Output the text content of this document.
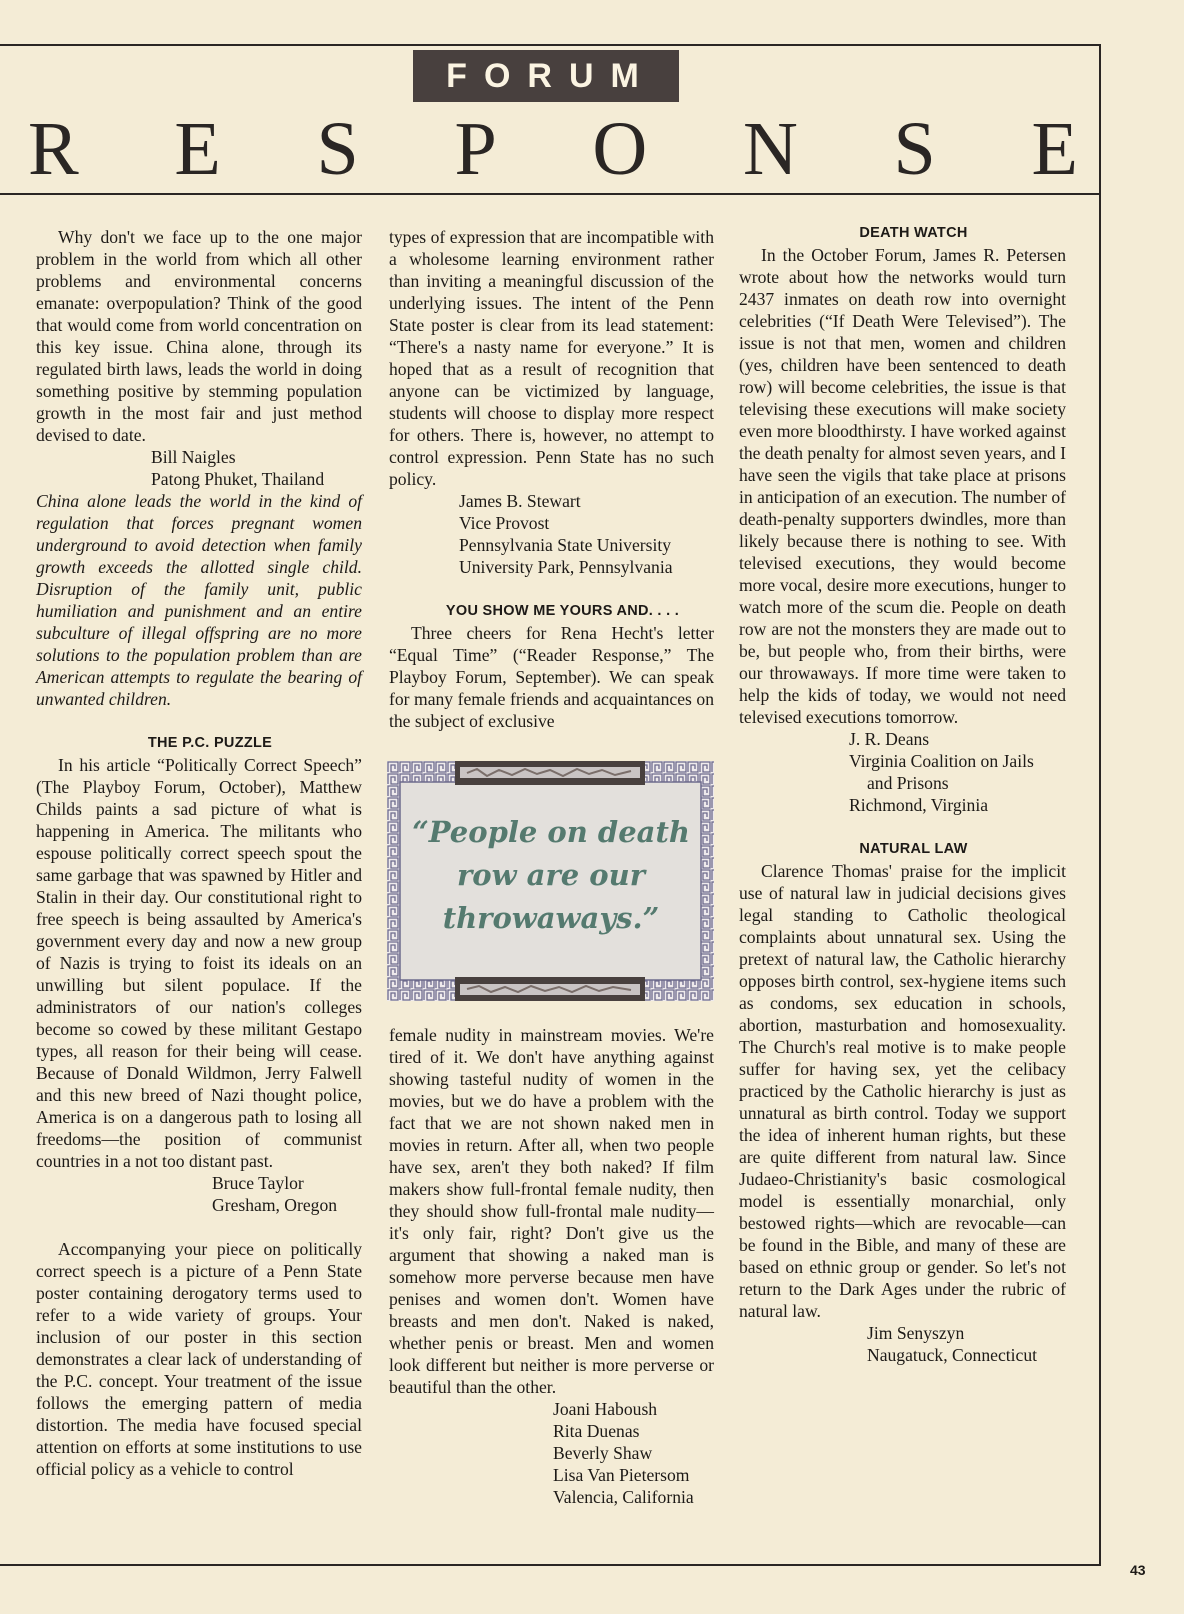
FORUM
R E S P O N S E

Why don't we face up to the one major problem in the world from which all other problems and environmental concerns emanate: overpopulation? Think of the good that would come from world concentration on this key issue. China alone, through its regulated birth laws, leads the world in doing something positive by stemming population growth in the most fair and just method devised to date.

Bill Naigles
Patong Phuket, Thailand

China alone leads the world in the kind of regulation that forces pregnant women underground to avoid detection when family growth exceeds the allotted single child. Disruption of the family unit, public humiliation and punishment and an entire subculture of illegal offspring are no more solutions to the population problem than are American attempts to regulate the bearing of unwanted children.

THE P.C. PUZZLE

In his article “Politically Correct Speech” (The Playboy Forum, October), Matthew Childs paints a sad picture of what is happening in America. The militants who espouse politically correct speech spout the same garbage that was spawned by Hitler and Stalin in their day. Our constitutional right to free speech is being assaulted by America's government every day and now a new group of Nazis is trying to foist its ideals on an unwilling but silent populace. If the administrators of our nation's colleges become so cowed by these militant Gestapo types, all reason for their being will cease. Because of Donald Wildmon, Jerry Falwell and this new breed of Nazi thought police, America is on a dangerous path to losing all freedoms—the position of communist countries in a not too distant past.

Bruce Taylor
Gresham, Oregon

Accompanying your piece on politically correct speech is a picture of a Penn State poster containing derogatory terms used to refer to a wide variety of groups. Your inclusion of our poster in this section demonstrates a clear lack of understanding of the P.C. concept. Your treatment of the issue follows the emerging pattern of media distortion. The media have focused special attention on efforts at some institutions to use official policy as a vehicle to control

types of expression that are incompatible with a wholesome learning environment rather than inviting a meaningful discussion of the underlying issues. The intent of the Penn State poster is clear from its lead statement: “There's a nasty name for everyone.” It is hoped that as a result of recognition that anyone can be victimized by language, students will choose to display more respect for others. There is, however, no attempt to control expression. Penn State has no such policy.

James B. Stewart
Vice Provost
Pennsylvania State University
University Park, Pennsylvania

YOU SHOW ME YOURS AND. . . .

Three cheers for Rena Hecht's letter “Equal Time” (“Reader Response,” The Playboy Forum, September). We can speak for many female friends and acquaintances on the subject of exclusive

“People on death row are our throwaways.”

female nudity in mainstream movies. We're tired of it. We don't have anything against showing tasteful nudity of women in the movies, but we do have a problem with the fact that we are not shown naked men in movies in return. After all, when two people have sex, aren't they both naked? If film makers show full-frontal female nudity, then they should show full-frontal male nudity—it's only fair, right? Don't give us the argument that showing a naked man is somehow more perverse because men have penises and women don't. Women have breasts and men don't. Naked is naked, whether penis or breast. Men and women look different but neither is more perverse or beautiful than the other.

Joani Haboush
Rita Duenas
Beverly Shaw
Lisa Van Pietersom
Valencia, California

DEATH WATCH

In the October Forum, James R. Petersen wrote about how the networks would turn 2437 inmates on death row into overnight celebrities (“If Death Were Televised”). The issue is not that men, women and children (yes, children have been sentenced to death row) will become celebrities, the issue is that televising these executions will make society even more bloodthirsty. I have worked against the death penalty for almost seven years, and I have seen the vigils that take place at prisons in anticipation of an execution. The number of death-penalty supporters dwindles, more than likely because there is nothing to see. With televised executions, they would become more vocal, desire more executions, hunger to watch more of the scum die. People on death row are not the monsters they are made out to be, but people who, from their births, were our throwaways. If more time were taken to help the kids of today, we would not need televised executions tomorrow.

J. R. Deans
Virginia Coalition on Jails
and Prisons
Richmond, Virginia

NATURAL LAW

Clarence Thomas' praise for the implicit use of natural law in judicial decisions gives legal standing to Catholic theological complaints about unnatural sex. Using the pretext of natural law, the Catholic hierarchy opposes birth control, sex-hygiene items such as condoms, sex education in schools, abortion, masturbation and homosexuality. The Church's real motive is to make people suffer for having sex, yet the celibacy practiced by the Catholic hierarchy is just as unnatural as birth control. Today we support the idea of inherent human rights, but these are quite different from natural law. Since Judaeo-Christianity's basic cosmological model is essentially monarchial, only bestowed rights—which are revocable—can be found in the Bible, and many of these are based on ethnic group or gender. So let's not return to the Dark Ages under the rubric of natural law.

Jim Senyszyn
Naugatuck, Connecticut
43
